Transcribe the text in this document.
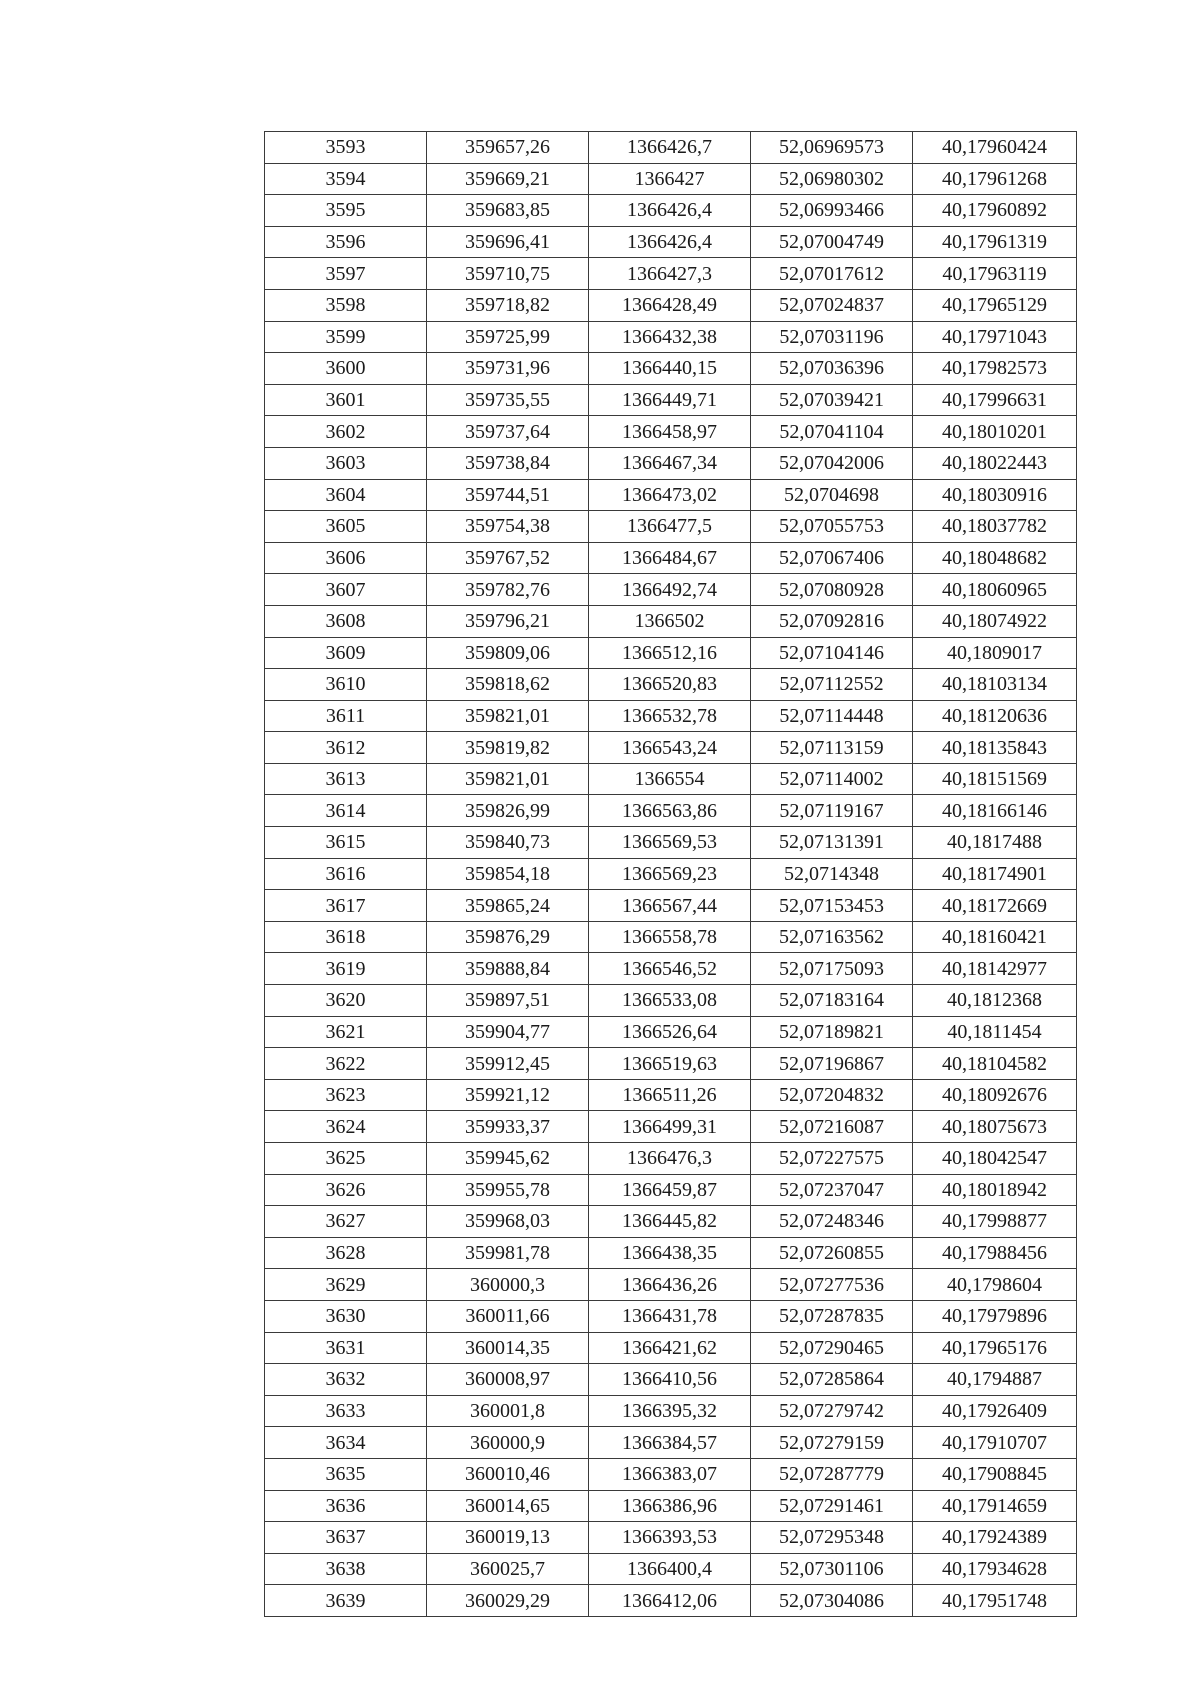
3593	359657,26	1366426,7	52,06969573	40,17960424
3594	359669,21	1366427	52,06980302	40,17961268
3595	359683,85	1366426,4	52,06993466	40,17960892
3596	359696,41	1366426,4	52,07004749	40,17961319
3597	359710,75	1366427,3	52,07017612	40,17963119
3598	359718,82	1366428,49	52,07024837	40,17965129
3599	359725,99	1366432,38	52,07031196	40,17971043
3600	359731,96	1366440,15	52,07036396	40,17982573
3601	359735,55	1366449,71	52,07039421	40,17996631
3602	359737,64	1366458,97	52,07041104	40,18010201
3603	359738,84	1366467,34	52,07042006	40,18022443
3604	359744,51	1366473,02	52,0704698	40,18030916
3605	359754,38	1366477,5	52,07055753	40,18037782
3606	359767,52	1366484,67	52,07067406	40,18048682
3607	359782,76	1366492,74	52,07080928	40,18060965
3608	359796,21	1366502	52,07092816	40,18074922
3609	359809,06	1366512,16	52,07104146	40,1809017
3610	359818,62	1366520,83	52,07112552	40,18103134
3611	359821,01	1366532,78	52,07114448	40,18120636
3612	359819,82	1366543,24	52,07113159	40,18135843
3613	359821,01	1366554	52,07114002	40,18151569
3614	359826,99	1366563,86	52,07119167	40,18166146
3615	359840,73	1366569,53	52,07131391	40,1817488
3616	359854,18	1366569,23	52,0714348	40,18174901
3617	359865,24	1366567,44	52,07153453	40,18172669
3618	359876,29	1366558,78	52,07163562	40,18160421
3619	359888,84	1366546,52	52,07175093	40,18142977
3620	359897,51	1366533,08	52,07183164	40,1812368
3621	359904,77	1366526,64	52,07189821	40,1811454
3622	359912,45	1366519,63	52,07196867	40,18104582
3623	359921,12	1366511,26	52,07204832	40,18092676
3624	359933,37	1366499,31	52,07216087	40,18075673
3625	359945,62	1366476,3	52,07227575	40,18042547
3626	359955,78	1366459,87	52,07237047	40,18018942
3627	359968,03	1366445,82	52,07248346	40,17998877
3628	359981,78	1366438,35	52,07260855	40,17988456
3629	360000,3	1366436,26	52,07277536	40,1798604
3630	360011,66	1366431,78	52,07287835	40,17979896
3631	360014,35	1366421,62	52,07290465	40,17965176
3632	360008,97	1366410,56	52,07285864	40,1794887
3633	360001,8	1366395,32	52,07279742	40,17926409
3634	360000,9	1366384,57	52,07279159	40,17910707
3635	360010,46	1366383,07	52,07287779	40,17908845
3636	360014,65	1366386,96	52,07291461	40,17914659
3637	360019,13	1366393,53	52,07295348	40,17924389
3638	360025,7	1366400,4	52,07301106	40,17934628
3639	360029,29	1366412,06	52,07304086	40,17951748
